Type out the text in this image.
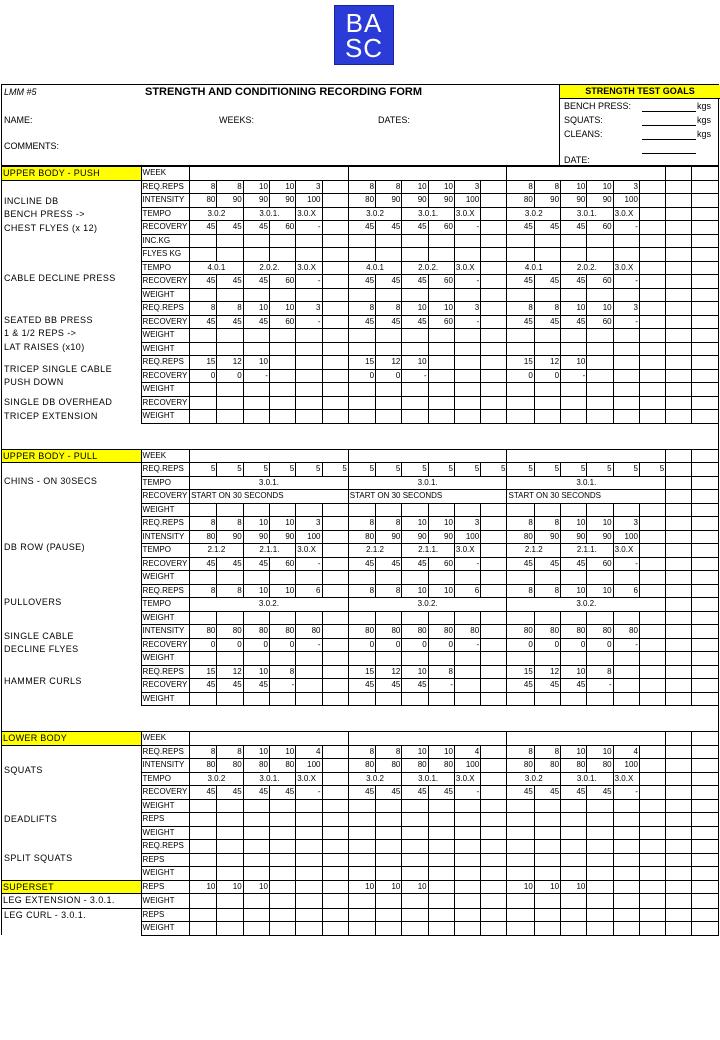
BA
SC
LMM #5	STRENGTH AND CONDITIONING RECORDING FORM
NAME:	WEEKS:	DATES:
COMMENTS:
STRENGTH TEST GOALS
BENCH PRESS:	kgs
SQUATS:	kgs
CLEANS:	kgs
DATE:
UPPER BODY - PUSH	WEEK																				

INCLINE DB
BENCH PRESS ->
CHEST FLYES (x 12)	REQ.REPS	8	8	10	10	3		8	8	10	10	3		8	8	10	10	3			
	INTENSITY	80	90	90	90	100		80	90	90	90	100		80	90	90	90	100			
	TEMPO	3.0.2		3.0.1.		3.0.X		3.0.2		3.0.1.		3.0.X		3.0.2		3.0.1.		3.0.X			
	RECOVERY	45	45	45	60	-		45	45	45	60	-		45	45	45	60	-			
	INC.KG																				
	FLYES KG																				

CABLE DECLINE PRESS	TEMPO	4.0.1		2.0.2.		3.0.X		4.0.1		2.0.2.		3.0.X		4.0.1		2.0.2.		3.0.X			
	RECOVERY	45	45	45	60	-		45	45	45	60	-		45	45	45	60	-			
	WEIGHT																				

SEATED BB PRESS
1 & 1/2 REPS ->
LAT RAISES (x10)	REQ.REPS	8	8	10	10	3		8	8	10	10	3		8	8	10	10	3			
	RECOVERY	45	45	45	60	-		45	45	45	60	-		45	45	45	60	-			
	WEIGHT																				
	WEIGHT																				

TRICEP SINGLE CABLE
PUSH DOWN	REQ.REPS	15	12	10				15	12	10				15	12	10					
	RECOVERY	0	0	-				0	0	-				0	0	-					
	WEIGHT																				

SINGLE DB OVERHEAD
TRICEP EXTENSION	RECOVERY																				
	WEIGHT																				

UPPER BODY - PULL	WEEK																				

CHINS - ON 30SECS	REQ.REPS	5	5	5	5	5	5	5	5	5	5	5	5	5	5	5	5	5	5		
	TEMPO	3.0.1.						3.0.1.						3.0.1.							
	RECOVERY	START ON 30 SECONDS						START ON 30 SECONDS						START ON 30 SECONDS							
	WEIGHT																				

DB ROW (PAUSE)	REQ.REPS	8	8	10	10	3		8	8	10	10	3		8	8	10	10	3			
	INTENSITY	80	90	90	90	100		80	90	90	90	100		80	90	90	90	100			
	TEMPO	2.1.2		2.1.1.		3.0.X		2.1.2		2.1.1.		3.0.X		2.1.2		2.1.1.		3.0.X			
	RECOVERY	45	45	45	60	-		45	45	45	60	-		45	45	45	60	-			
	WEIGHT																				

PULLOVERS	REQ.REPS	8	8	10	10	6		8	8	10	10	6		8	8	10	10	6			
	TEMPO	3.0.2.						3.0.2.						3.0.2.							
	WEIGHT																				

SINGLE CABLE
DECLINE FLYES	INTENSITY	80	80	80	80	80		80	80	80	80	80		80	80	80	80	80			
	RECOVERY	0	0	0	0	-		0	0	0	0	-		0	0	0	0	-			
	WEIGHT																				

HAMMER CURLS	REQ.REPS	15	12	10	8			15	12	10	8			15	12	10	8				
	RECOVERY	45	45	45	-			45	45	45	-			45	45	45	-				
	WEIGHT																				

LOWER BODY	WEEK																				

SQUATS	REQ.REPS	8	8	10	10	4		8	8	10	10	4		8	8	10	10	4			
	INTENSITY	80	80	80	80	100		80	80	80	80	100		80	80	80	80	100			
	TEMPO	3.0.2		3.0.1.		3.0.X		3.0.2		3.0.1.		3.0.X		3.0.2		3.0.1.		3.0.X			
	RECOVERY	45	45	45	45	-		45	45	45	45	-		45	45	45	45	-			
	WEIGHT																				

DEADLIFTS	REPS																				
	WEIGHT																				

SPLIT SQUATS	REQ.REPS																				
	REPS																				
	WEIGHT																				
SUPERSET	REPS	10	10	10				10	10	10				10	10	10					
LEG EXTENSION - 3.0.1.	WEIGHT																				

LEG CURL - 3.0.1.	REPS																				
	WEIGHT																				
